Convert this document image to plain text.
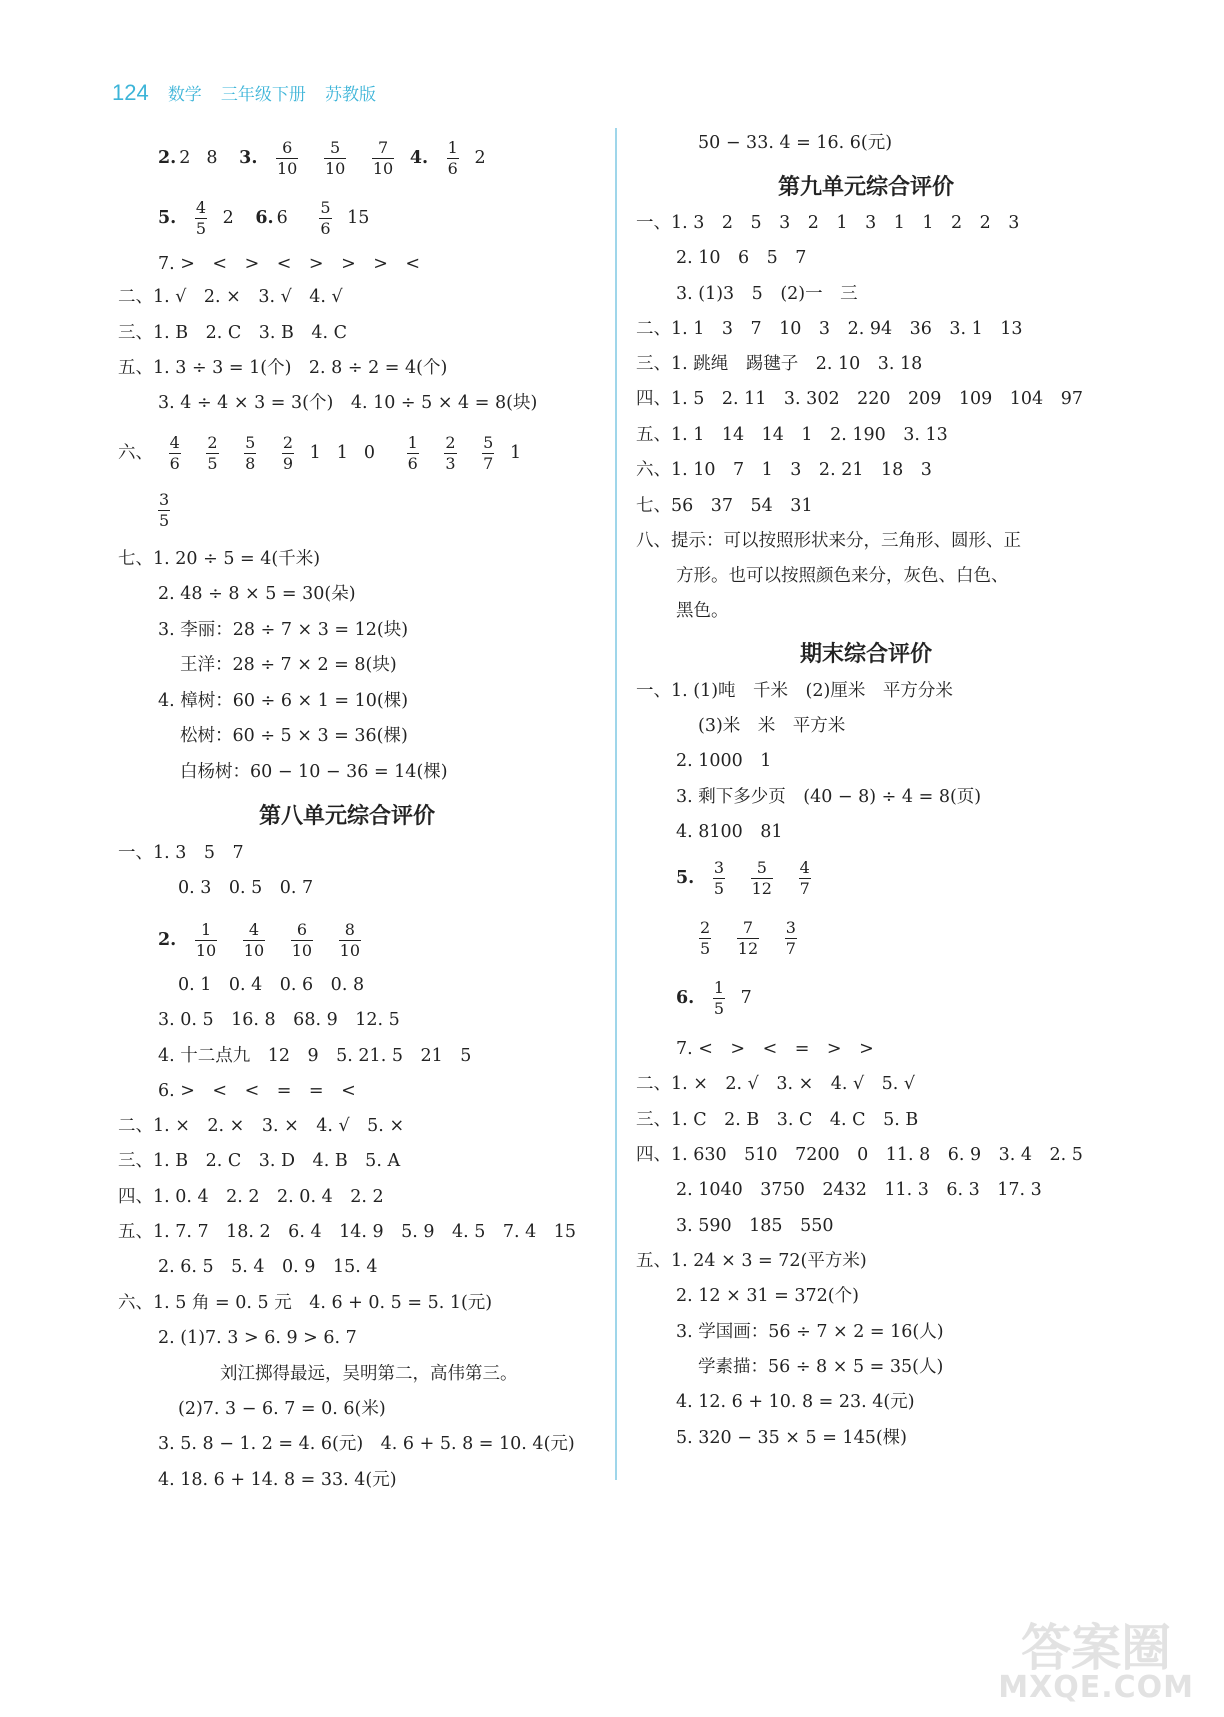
124 数学 三年级下册 苏教版
2. 2 8 3. $\frac{6}{10}$
$\frac{5}{10}$
$\frac{7}{10} 4$. $\frac{1}{6} 2$
5. $\frac{4}{5} 2$ 6. $6 \frac{5}{6} 15$
7. >　<　>　<　>　>　>　<
二、1. √　2. ×　3. √　4. √
三、1. B　2. C　3. B　4. C
五、1. 3 ÷ 3 = 1(个)　2. 8 ÷ 2 = 4(个)
3. 4 ÷ 4 × 3 = 3(个)　4. 10 ÷ 5 × 4 = 8(块)
六、 $\frac{4}{6}$
$\frac{2}{5}$
$\frac{5}{8}$
$\frac{2}{9} 1$ 1 $0 \frac{1}{6}$
$\frac{2}{3}$
$\frac{5}{7} 1$
$\frac{3}{5}$
七、1. 20 ÷ 5 = 4(千米)
2. 48 ÷ 8 × 5 = 30(朵)
3. 李丽：28 ÷ 7 × 3 = 12(块)
王洋：28 ÷ 7 × 2 = 8(块)
4. 樟树：60 ÷ 6 × 1 = 10(棵)
松树：60 ÷ 5 × 3 = 36(棵)
白杨树：60 − 10 − 36 = 14(棵)
第八单元综合评价
一、1. 3　5　7
0. 3　0. 5　0. 7
2. $\frac{1}{10}$
$\frac{4}{10}$
$\frac{6}{10}$
$\frac{8}{10}$
0. 1　0. 4　0. 6　0. 8
3. 0. 5　16. 8　68. 9　12. 5
4. 十二点九　12　9　5. 21. 5　21　5
6. >　<　<　=　=　<
二、1. ×　2. ×　3. ×　4. √　5. ×
三、1. B　2. C　3. D　4. B　5. A
四、1. 0. 4　2. 2　2. 0. 4　2. 2
五、1. 7. 7　18. 2　6. 4　14. 9　5. 9　4. 5　7. 4　15
2. 6. 5　5. 4　0. 9　15. 4
六、1. 5 角 = 0. 5 元　4. 6 + 0. 5 = 5. 1(元)
2. (1)7. 3 > 6. 9 > 6. 7
刘江掷得最远，吴明第二，高伟第三。
(2)7. 3 − 6. 7 = 0. 6(米)
3. 5. 8 − 1. 2 = 4. 6(元)　4. 6 + 5. 8 = 10. 4(元)
4. 18. 6 + 14. 8 = 33. 4(元)
50 − 33. 4 = 16. 6(元)
第九单元综合评价
一、1. 3　2　5　3　2　1　3　1　1　2　2　3
2. 10　6　5　7
3. (1)3　5　(2)一　三
二、1. 1　3　7　10　3　2. 94　36　3. 1　13
三、1. 跳绳　踢毽子　2. 10　3. 18
四、1. 5　2. 11　3. 302　220　209　109　104　97
五、1. 1　14　14　1　2. 190　3. 13
六、1. 10　7　1　3　2. 21　18　3
七、56　37　54　31
八、提示：可以按照形状来分，三角形、圆形、正
方形。也可以按照颜色来分，灰色、白色、
黑色。
期末综合评价
一、1. (1)吨　千米　(2)厘米　平方分米
(3)米　米　平方米
2. 1000　1
3. 剩下多少页　(40 − 8) ÷ 4 = 8(页)
4. 8100　81
5. $\frac{3}{5}$
$\frac{5}{12}$
$\frac{4}{7}$
$\frac{2}{5}$
$\frac{7}{12}$
$\frac{3}{7}$
6. $\frac{1}{5} 7$
7. <　>　<　=　>　>
二、1. ×　2. √　3. ×　4. √　5. √
三、1. C　2. B　3. C　4. C　5. B
四、1. 630　510　7200　0　11. 8　6. 9　3. 4　2. 5
2. 1040　3750　2432　11. 3　6. 3　17. 3
3. 590　185　550
五、1. 24 × 3 = 72(平方米)
2. 12 × 31 = 372(个)
3. 学国画：56 ÷ 7 × 2 = 16(人)
学素描：56 ÷ 8 × 5 = 35(人)
4. 12. 6 + 10. 8 = 23. 4(元)
5. 320 − 35 × 5 = 145(棵)
答案圈
MXQE.COM
